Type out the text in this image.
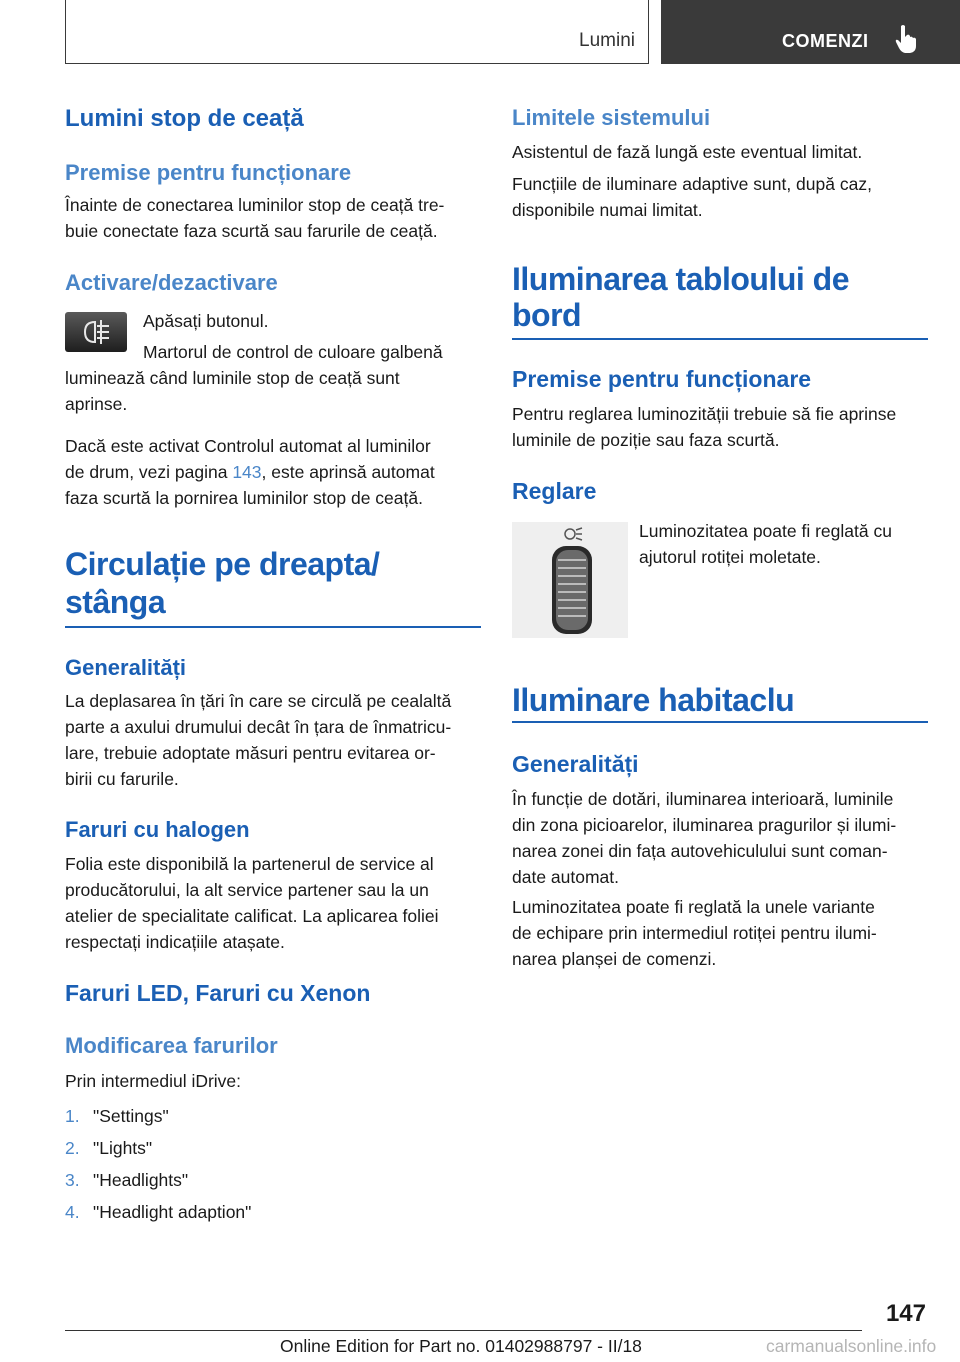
Lumini	COMENZI
Lumini stop de ceață
Premise pentru funcționare

Înainte de conectarea luminilor stop de ceață tre‐

buie conectate faza scurtă sau farurile de ceață.

Activare/dezactivare

Apăsați butonul.

Martorul de control de culoare galbenă

luminează când luminile stop de ceață sunt

aprinse.

Dacă este activat Controlul automat al luminilor

de drum, vezi pagina 143, este aprinsă automat

faza scurtă la pornirea luminilor stop de ceață.

Circulație pe dreapta/
stânga
Generalități

La deplasarea în țări în care se circulă pe cealaltă

parte a axului drumului decât în țara de înmatricu‐

lare, trebuie adoptate măsuri pentru evitarea or‐

birii cu farurile.

Faruri cu halogen

Folia este disponibilă la partenerul de service al

producătorului, la alt service partener sau la un

atelier de specialitate calificat. La aplicarea foliei

respectați indicațiile atașate.

Faruri LED, Faruri cu Xenon
Modificarea farurilor

Prin intermediul iDrive:

1. "Settings"
2. "Lights"
3. "Headlights"
4. "Headlight adaption"
Limitele sistemului

Asistentul de fază lungă este eventual limitat.

Funcțiile de iluminare adaptive sunt, după caz,

disponibile numai limitat.

Iluminarea tabloului de
bord
Premise pentru funcționare

Pentru reglarea luminozității trebuie să fie aprinse

luminile de poziție sau faza scurtă.

Reglare

Luminozitatea poate fi reglată cu

ajutorul rotiței moletate.

Iluminare habitaclu
Generalități

În funcție de dotări, iluminarea interioară, luminile

din zona picioarelor, iluminarea pragurilor și ilumi‐

narea zonei din fața autovehiculului sunt coman‐

date automat.

Luminozitatea poate fi reglată la unele variante

de echipare prin intermediul rotiței pentru ilumi‐

narea planșei de comenzi.

147
Online Edition for Part no. 01402988797 - II/18	carmanualsonline.info
